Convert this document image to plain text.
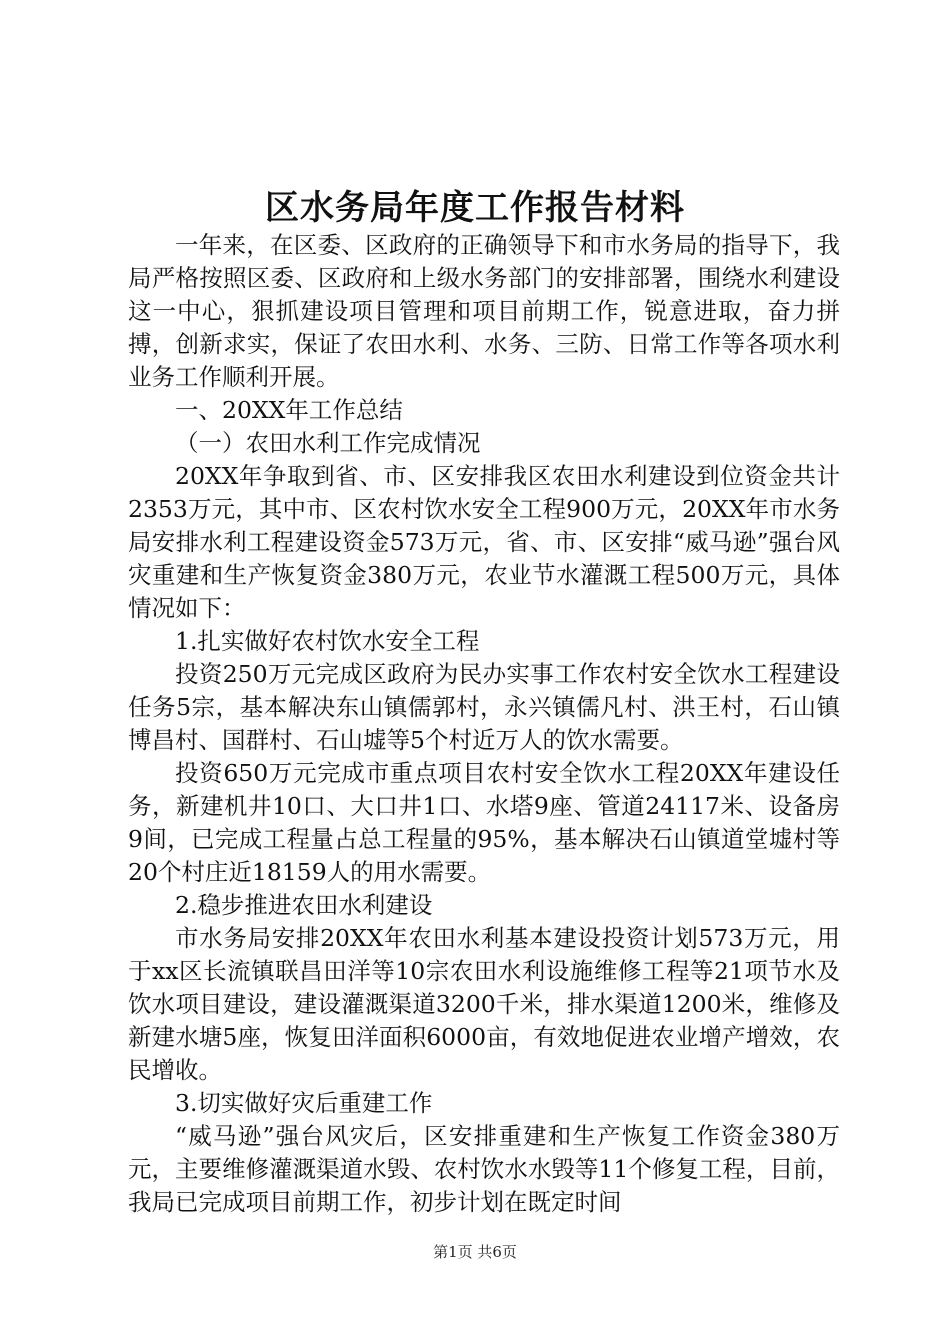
区水务局年度工作报告材料

一年来，在区委、区政府的正确领导下和市水务局的指导下，我局严格按照区委、区政府和上级水务部门的安排部署，围绕水利建设这一中心，狠抓建设项目管理和项目前期工作，锐意进取，奋力拼搏，创新求实，保证了农田水利、水务、三防、日常工作等各项水利业务工作顺利开展。

一、20XX年工作总结

（一）农田水利工作完成情况

20XX年争取到省、市、区安排我区农田水利建设到位资金共计2353万元，其中市、区农村饮水安全工程900万元，20XX年市水务局安排水利工程建设资金573万元，省、市、区安排“威马逊”强台风灾重建和生产恢复资金380万元，农业节水灌溉工程500万元，具体情况如下：

1.扎实做好农村饮水安全工程

投资250万元完成区政府为民办实事工作农村安全饮水工程建设任务5宗，基本解决东山镇儒郭村，永兴镇儒凡村、洪王村，石山镇博昌村、国群村、石山墟等5个村近万人的饮水需要。

投资650万元完成市重点项目农村安全饮水工程20XX年建设任务，新建机井10口、大口井1口、水塔9座、管道24117米、设备房9间，已完成工程量占总工程量的95%，基本解决石山镇道堂墟村等20个村庄近18159人的用水需要。

2.稳步推进农田水利建设

市水务局安排20XX年农田水利基本建设投资计划573万元，用于xx区长流镇联昌田洋等10宗农田水利设施维修工程等21项节水及饮水项目建设，建设灌溉渠道3200千米，排水渠道1200米，维修及新建水塘5座，恢复田洋面积6000亩，有效地促进农业增产增效，农民增收。

3.切实做好灾后重建工作

“威马逊”强台风灾后，区安排重建和生产恢复工作资金380万元，主要维修灌溉渠道水毁、农村饮水水毁等11个修复工程，目前，我局已完成项目前期工作，初步计划在既定时间

第1页 共6页
